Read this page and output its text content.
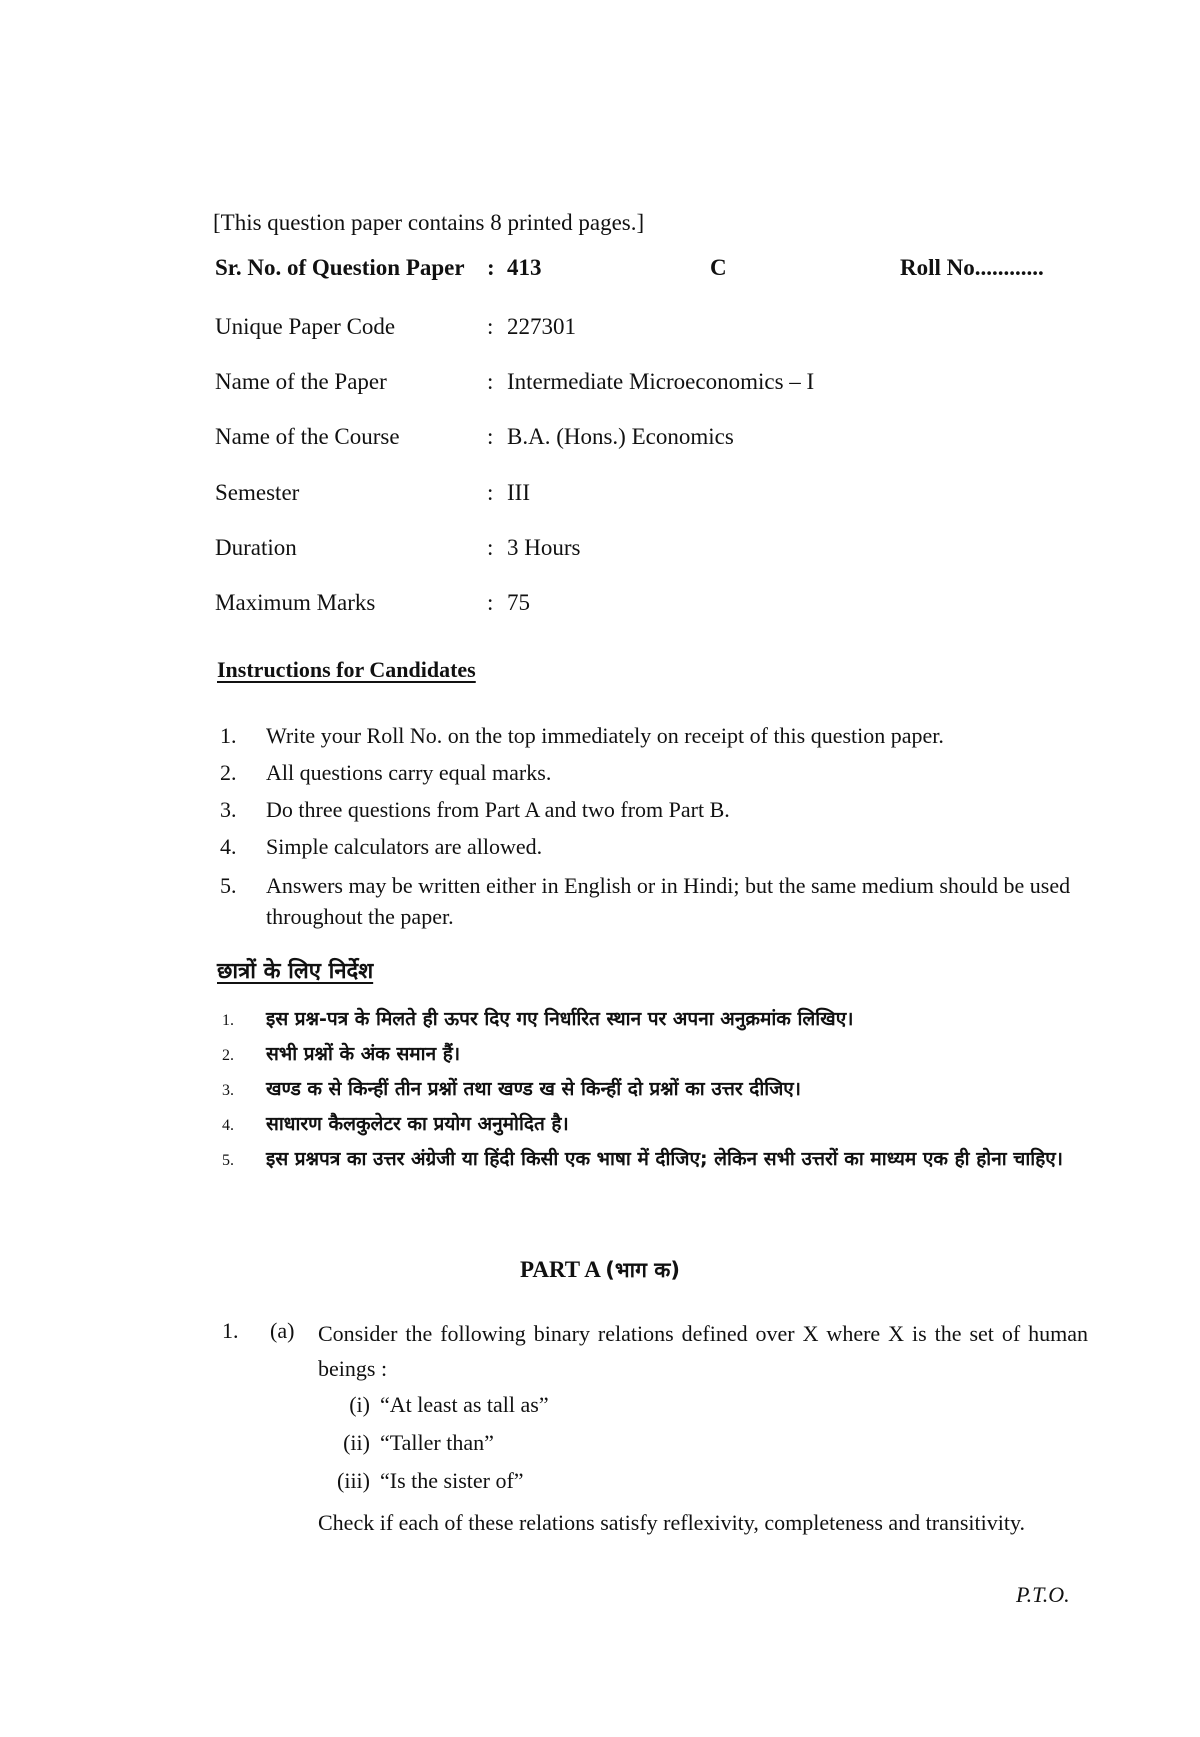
[This question paper contains 8 printed pages.]
Sr. No. of Question Paper : 413	C	Roll No............
Unique Paper Code	: 227301
Name of the Paper	: Intermediate Microeconomics – I
Name of the Course	: B.A. (Hons.) Economics
Semester	: III
Duration	: 3 Hours
Maximum Marks	: 75
Instructions for Candidates
1. Write your Roll No. on the top immediately on receipt of this question paper.
2. All questions carry equal marks.
3. Do three questions from Part A and two from Part B.
4. Simple calculators are allowed.
5. Answers may be written either in English or in Hindi; but the same medium should be used throughout the paper.
छात्रों के लिए निर्देश
1. इस प्रश्न-पत्र के मिलते ही ऊपर दिए गए निर्धारित स्थान पर अपना अनुक्रमांक लिखिए।
2. सभी प्रश्नों के अंक समान हैं।
3. खण्ड क से किन्हीं तीन प्रश्नों तथा खण्ड ख से किन्हीं दो प्रश्नों का उत्तर दीजिए।
4. साधारण कैलकुलेटर का प्रयोग अनुमोदित है।
5. इस प्रश्नपत्र का उत्तर अंग्रेजी या हिंदी किसी एक भाषा में दीजिए; लेकिन सभी उत्तरों का माध्यम एक ही होना चाहिए।
PART A (भाग क)
1. (a) Consider the following binary relations defined over X where X is the set of human beings :
(i) “At least as tall as”
(ii) “Taller than”
(iii) “Is the sister of”
Check if each of these relations satisfy reflexivity, completeness and transitivity.
P.T.O.
